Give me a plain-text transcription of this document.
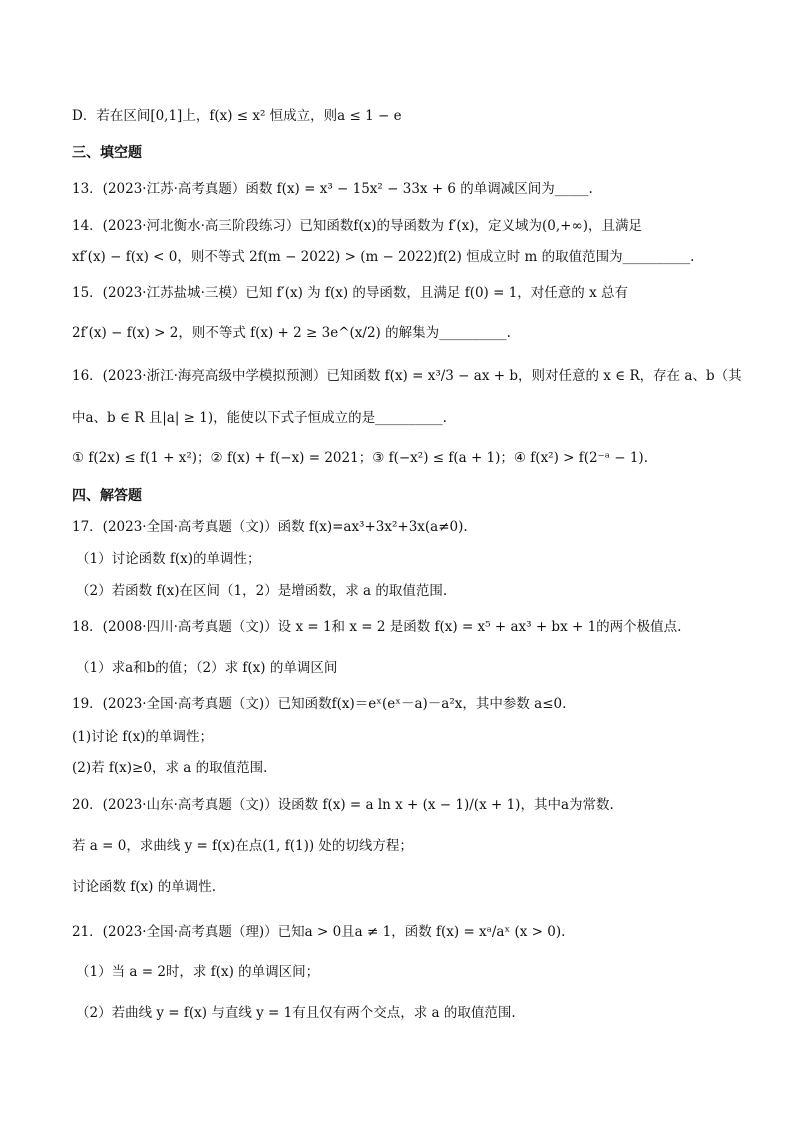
D．若在区间[0,1]上，f(x) ≤ x² 恒成立，则a ≤ 1 − e
三、填空题
13．(2023·江苏·高考真题）函数 f(x) = x³ − 15x² − 33x + 6 的单调减区间为_____.
14．(2023·河北衡水·高三阶段练习）已知函数f(x)的导函数为 f′(x)，定义域为(0,+∞)，且满足
xf′(x) − f(x) < 0，则不等式 2f(m − 2022) > (m − 2022)f(2) 恒成立时 m 的取值范围为__________.
15．(2023·江苏盐城·三模）已知 f′(x) 为 f(x) 的导函数，且满足 f(0) = 1，对任意的 x 总有
2f′(x) − f(x) > 2，则不等式 f(x) + 2 ≥ 3e^(x/2) 的解集为__________.
16．(2023·浙江·海亮高级中学模拟预测）已知函数 f(x) = x³/3 − ax + b，则对任意的 x ∈ R，存在 a、b（其
中a、b ∈ R 且|a| ≥ 1)，能使以下式子恒成立的是__________.
① f(2x) ≤ f(1 + x²)；② f(x) + f(−x) = 2021；③ f(−x²) ≤ f(a + 1)；④ f(x²) > f(2⁻ᵃ − 1).
四、解答题
17．(2023·全国·高考真题（文)）函数 f(x)=ax³+3x²+3x(a≠0).
（1）讨论函数 f(x)的单调性；
（2）若函数 f(x)在区间（1，2）是增函数，求 a 的取值范围.
18．(2008·四川·高考真题（文)）设 x = 1和 x = 2 是函数 f(x) = x⁵ + ax³ + bx + 1的两个极值点.
（1）求a和b的值；（2）求 f(x) 的单调区间
19．(2023·全国·高考真题（文)）已知函数f(x)＝eˣ(eˣ－a)－a²x，其中参数 a≤0.
(1)讨论 f(x)的单调性；
(2)若 f(x)≥0，求 a 的取值范围.
20．(2023·山东·高考真题（文)）设函数 f(x) = a ln x + (x − 1)/(x + 1)，其中a为常数.
若 a = 0，求曲线 y = f(x)在点(1, f(1)) 处的切线方程；
讨论函数 f(x) 的单调性.
21．(2023·全国·高考真题（理)）已知a > 0且a ≠ 1，函数 f(x) = xᵃ/aˣ (x > 0).
（1）当 a = 2时，求 f(x) 的单调区间；
（2）若曲线 y = f(x) 与直线 y = 1有且仅有两个交点，求 a 的取值范围.
